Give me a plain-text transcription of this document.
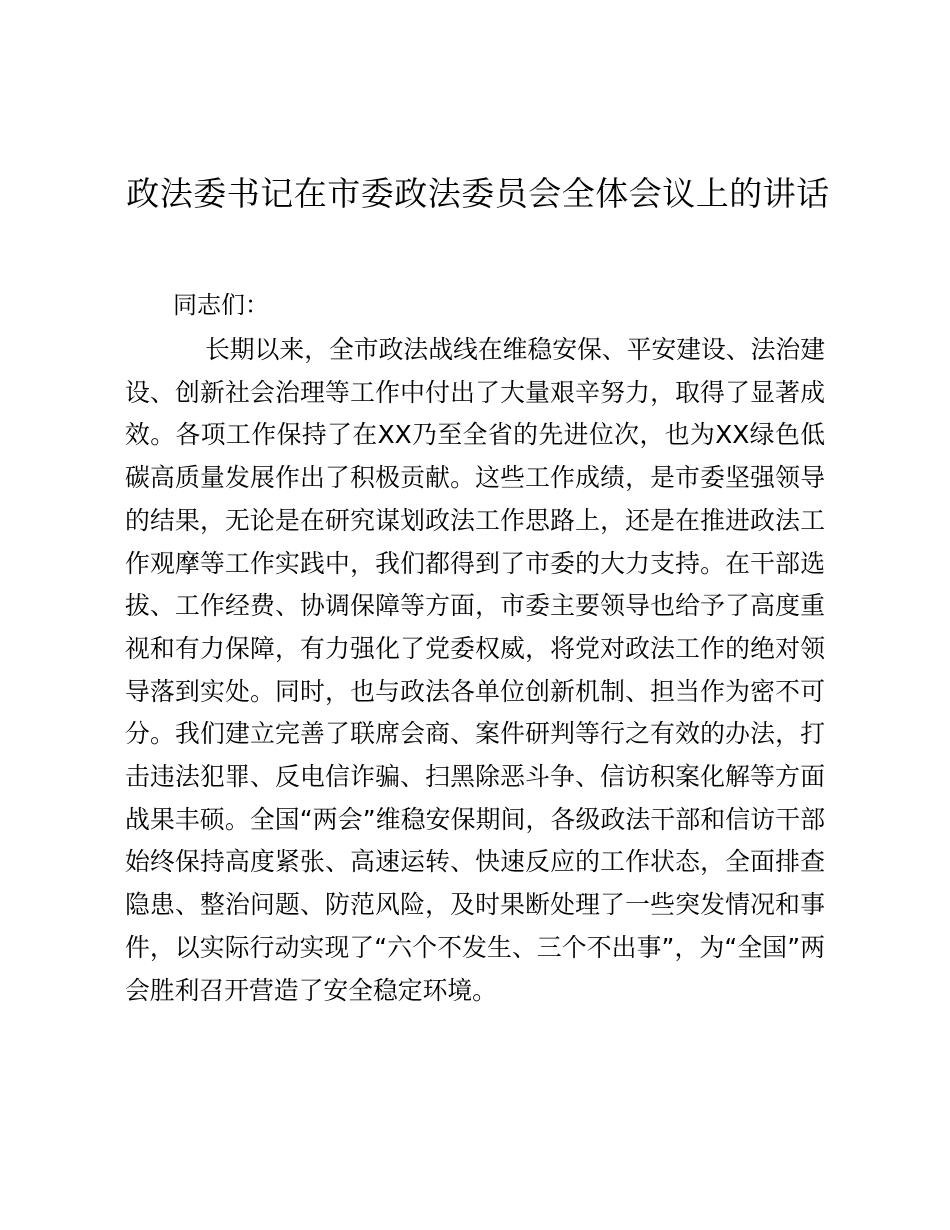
政法委书记在市委政法委员会全体会议上的讲话

同志们：

长期以来，全市政法战线在维稳安保、平安建设、法治建设、创新社会治理等工作中付出了大量艰辛努力，取得了显著成效。各项工作保持了在XX乃至全省的先进位次，也为XX绿色低碳高质量发展作出了积极贡献。这些工作成绩，是市委坚强领导的结果，无论是在研究谋划政法工作思路上，还是在推进政法工作观摩等工作实践中，我们都得到了市委的大力支持。在干部选拔、工作经费、协调保障等方面，市委主要领导也给予了高度重视和有力保障，有力强化了党委权威，将党对政法工作的绝对领导落到实处。同时，也与政法各单位创新机制、担当作为密不可分。我们建立完善了联席会商、案件研判等行之有效的办法，打击违法犯罪、反电信诈骗、扫黑除恶斗争、信访积案化解等方面战果丰硕。全国“两会”维稳安保期间，各级政法干部和信访干部始终保持高度紧张、高速运转、快速反应的工作状态，全面排查隐患、整治问题、防范风险，及时果断处理了一些突发情况和事件，以实际行动实现了“六个不发生、三个不出事”，为“全国”两会胜利召开营造了安全稳定环境。
